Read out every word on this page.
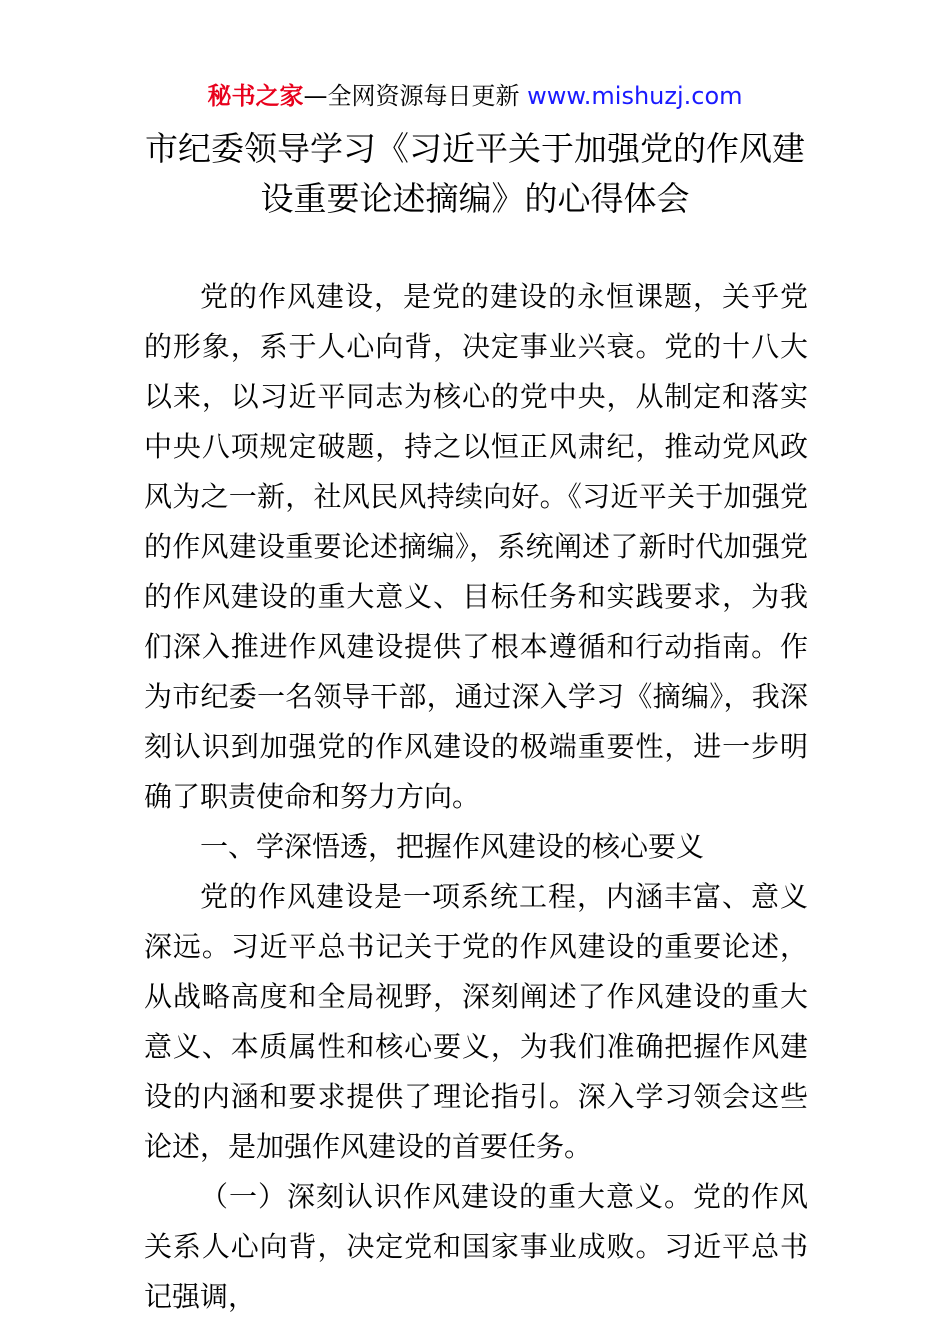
秘书之家—全网资源每日更新 www.mishuzj.com
市纪委领导学习《习近平关于加强党的作风建设重要论述摘编》的心得体会

党的作风建设，是党的建设的永恒课题，关乎党的形象，系于人心向背，决定事业兴衰。党的十八大以来，以习近平同志为核心的党中央，从制定和落实中央八项规定破题，持之以恒正风肃纪，推动党风政风为之一新，社风民风持续向好。《习近平关于加强党的作风建设重要论述摘编》，系统阐述了新时代加强党的作风建设的重大意义、目标任务和实践要求，为我们深入推进作风建设提供了根本遵循和行动指南。作为市纪委一名领导干部，通过深入学习《摘编》，我深刻认识到加强党的作风建设的极端重要性，进一步明确了职责使命和努力方向。

一、学深悟透，把握作风建设的核心要义

党的作风建设是一项系统工程，内涵丰富、意义深远。习近平总书记关于党的作风建设的重要论述，从战略高度和全局视野，深刻阐述了作风建设的重大意义、本质属性和核心要义，为我们准确把握作风建设的内涵和要求提供了理论指引。深入学习领会这些论述，是加强作风建设的首要任务。

（一）深刻认识作风建设的重大意义。党的作风关系人心向背，决定党和国家事业成败。习近平总书记强调，
